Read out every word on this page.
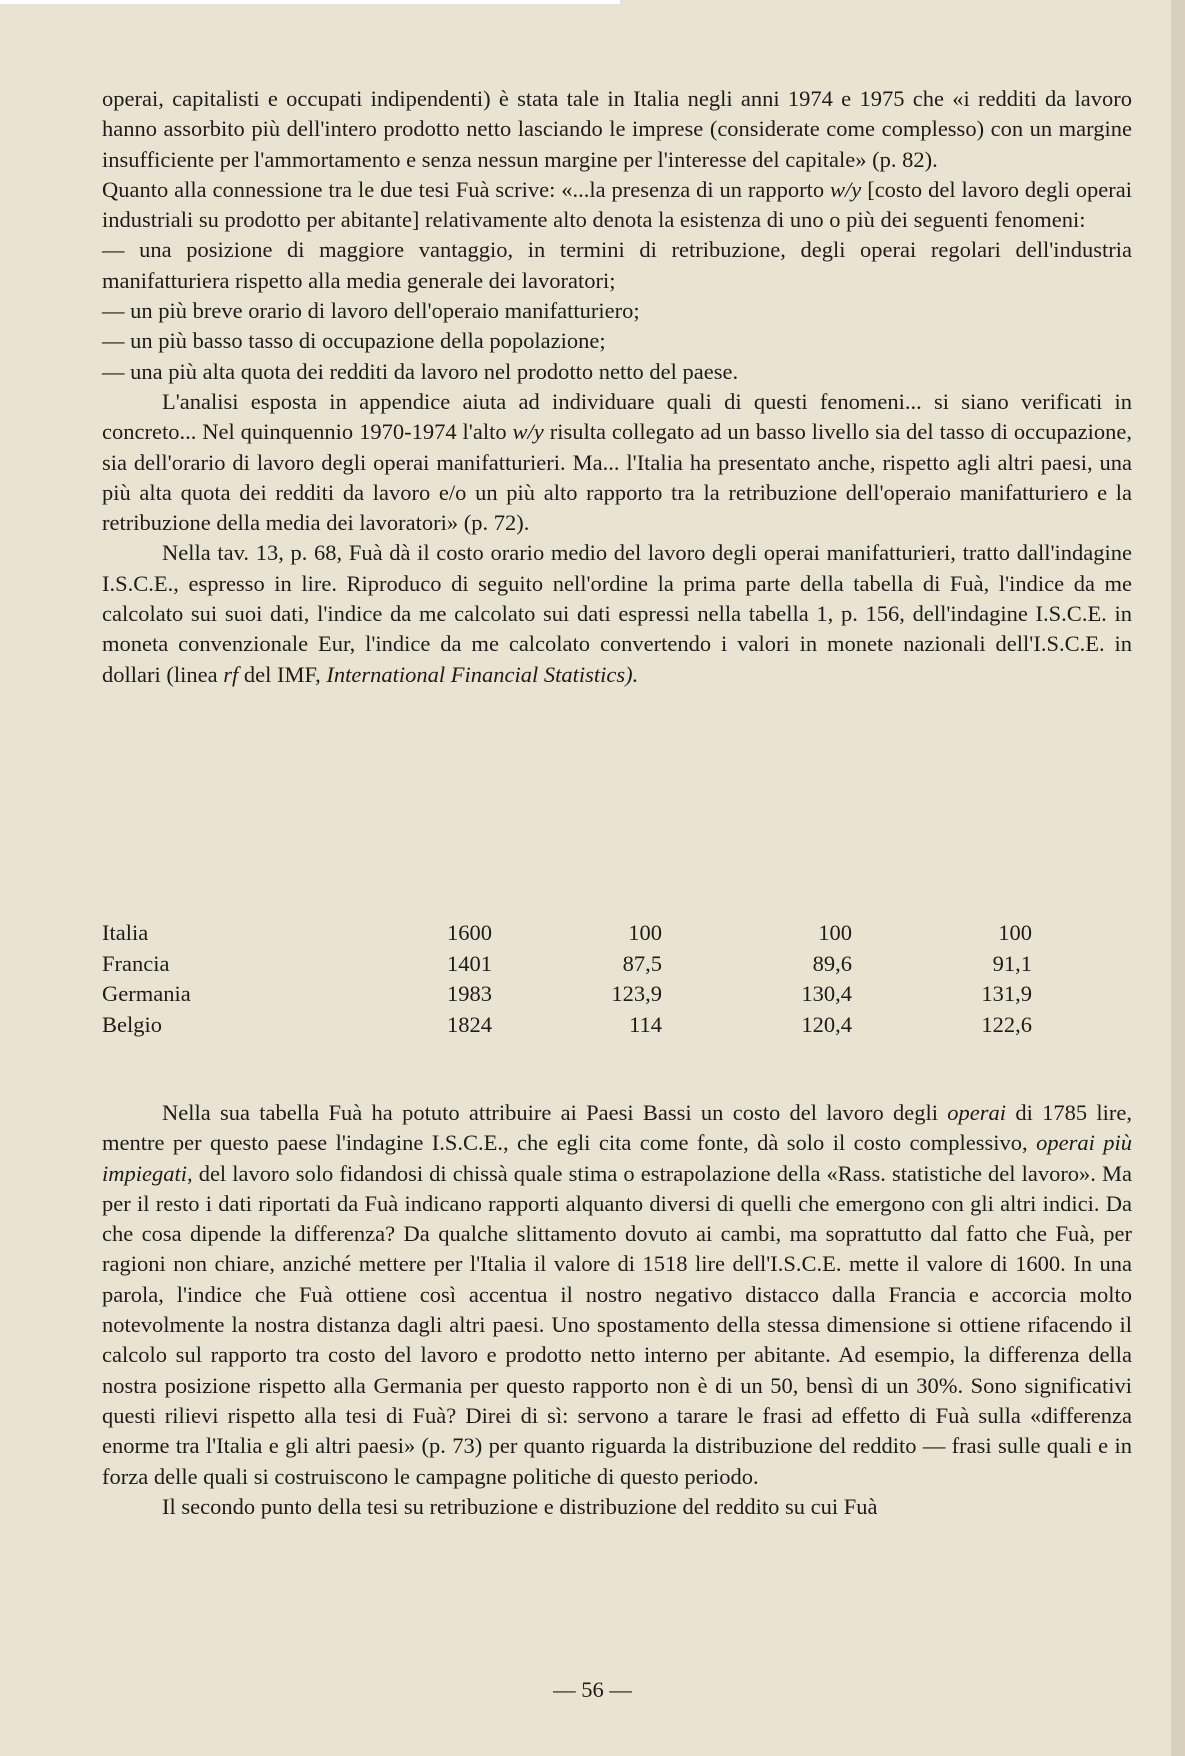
operai, capitalisti e occupati indipendenti) è stata tale in Italia negli anni 1974 e 1975 che «i redditi da lavoro hanno assorbito più dell'intero prodotto netto lasciando le imprese (considerate come complesso) con un margine insufficiente per l'ammortamento e senza nessun margine per l'interesse del capitale» (p. 82).

Quanto alla connessione tra le due tesi Fuà scrive: «...la presenza di un rapporto w/y [costo del lavoro degli operai industriali su prodotto per abitante] relativamente alto denota la esistenza di uno o più dei seguenti fenomeni:

— una posizione di maggiore vantaggio, in termini di retribuzione, degli operai regolari dell'industria manifatturiera rispetto alla media generale dei lavoratori;

— un più breve orario di lavoro dell'operaio manifatturiero;

— un più basso tasso di occupazione della popolazione;

— una più alta quota dei redditi da lavoro nel prodotto netto del paese.

L'analisi esposta in appendice aiuta ad individuare quali di questi fenomeni... si siano verificati in concreto... Nel quinquennio 1970-1974 l'alto w/y risulta collegato ad un basso livello sia del tasso di occupazione, sia dell'orario di lavoro degli operai manifatturieri. Ma... l'Italia ha presentato anche, rispetto agli altri paesi, una più alta quota dei redditi da lavoro e/o un più alto rapporto tra la retribuzione dell'operaio manifatturiero e la retribuzione della media dei lavoratori» (p. 72).

Nella tav. 13, p. 68, Fuà dà il costo orario medio del lavoro degli operai manifatturieri, tratto dall'indagine I.S.C.E., espresso in lire. Riproduco di seguito nell'ordine la prima parte della tabella di Fuà, l'indice da me calcolato sui suoi dati, l'indice da me calcolato sui dati espressi nella tabella 1, p. 156, dell'indagine I.S.C.E. in moneta convenzionale Eur, l'indice da me calcolato convertendo i valori in monete nazionali dell'I.S.C.E. in dollari (linea rf del IMF, International Financial Statistics).

Italia	1600	100	100	100
Francia	1401	87,5	89,6	91,1
Germania	1983	123,9	130,4	131,9
Belgio	1824	114	120,4	122,6

Nella sua tabella Fuà ha potuto attribuire ai Paesi Bassi un costo del lavoro degli operai di 1785 lire, mentre per questo paese l'indagine I.S.C.E., che egli cita come fonte, dà solo il costo complessivo, operai più impiegati, del lavoro solo fidandosi di chissà quale stima o estrapolazione della «Rass. statistiche del lavoro». Ma per il resto i dati riportati da Fuà indicano rapporti alquanto diversi di quelli che emergono con gli altri indici. Da che cosa dipende la differenza? Da qualche slittamento dovuto ai cambi, ma soprattutto dal fatto che Fuà, per ragioni non chiare, anziché mettere per l'Italia il valore di 1518 lire dell'I.S.C.E. mette il valore di 1600. In una parola, l'indice che Fuà ottiene così accentua il nostro negativo distacco dalla Francia e accorcia molto notevolmente la nostra distanza dagli altri paesi. Uno spostamento della stessa dimensione si ottiene rifacendo il calcolo sul rapporto tra costo del lavoro e prodotto netto interno per abitante. Ad esempio, la differenza della nostra posizione rispetto alla Germania per questo rapporto non è di un 50, bensì di un 30%. Sono significativi questi rilievi rispetto alla tesi di Fuà? Direi di sì: servono a tarare le frasi ad effetto di Fuà sulla «differenza enorme tra l'Italia e gli altri paesi» (p. 73) per quanto riguarda la distribuzione del reddito — frasi sulle quali e in forza delle quali si costruiscono le campagne politiche di questo periodo.

Il secondo punto della tesi su retribuzione e distribuzione del reddito su cui Fuà

— 56 —
